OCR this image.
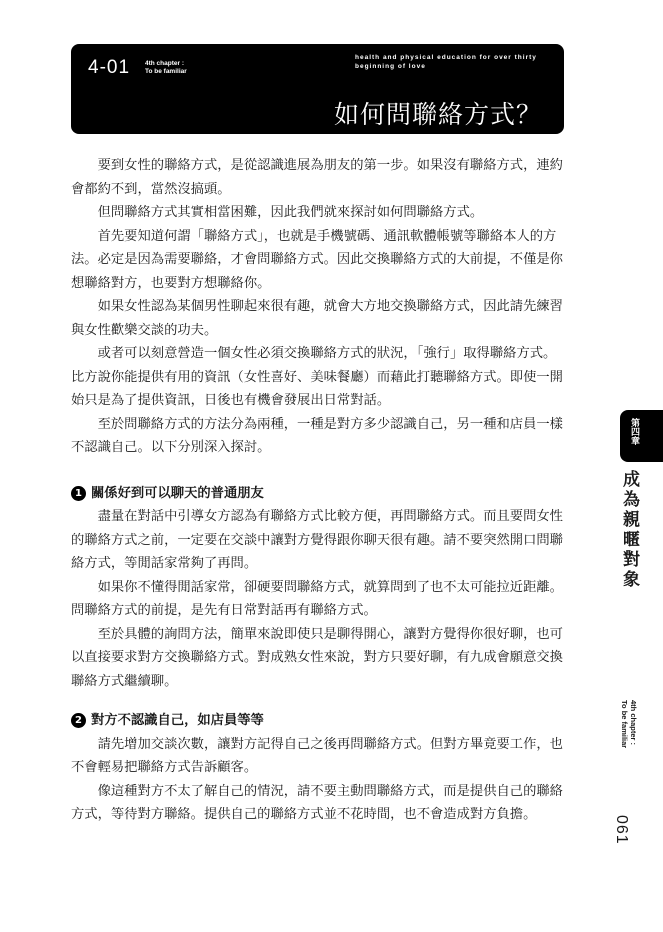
4-01 4th chapter :
To be familiar
health and physical education for over thirty
beginning of love
如何問聯絡方式？

要到女性的聯絡方式，是從認識進展為朋友的第一步。如果沒有聯絡方式，連約會都約不到，當然沒搞頭。

但問聯絡方式其實相當困難，因此我們就來探討如何問聯絡方式。

首先要知道何謂「聯絡方式」，也就是手機號碼、通訊軟體帳號等聯絡本人的方法。必定是因為需要聯絡，才會問聯絡方式。因此交換聯絡方式的大前提，不僅是你想聯絡對方，也要對方想聯絡你。

如果女性認為某個男性聊起來很有趣，就會大方地交換聯絡方式，因此請先練習與女性歡樂交談的功夫。

或者可以刻意營造一個女性必須交換聯絡方式的狀況，「強行」取得聯絡方式。比方說你能提供有用的資訊（女性喜好、美味餐廳）而藉此打聽聯絡方式。即使一開始只是為了提供資訊，日後也有機會發展出日常對話。

至於問聯絡方式的方法分為兩種，一種是對方多少認識自己，另一種和店員一樣不認識自己。以下分別深入探討。

1 關係好到可以聊天的普通朋友

盡量在對話中引導女方認為有聯絡方式比較方便，再問聯絡方式。而且要問女性的聯絡方式之前，一定要在交談中讓對方覺得跟你聊天很有趣。請不要突然開口問聯絡方式，等閒話家常夠了再問。

如果你不懂得閒話家常，卻硬要問聯絡方式，就算問到了也不太可能拉近距離。問聯絡方式的前提，是先有日常對話再有聯絡方式。

至於具體的詢問方法，簡單來說即使只是聊得開心，讓對方覺得你很好聊，也可以直接要求對方交換聯絡方式。對成熟女性來說，對方只要好聊，有九成會願意交換聯絡方式繼續聊。

2 對方不認識自己，如店員等等

請先增加交談次數，讓對方記得自己之後再問聯絡方式。但對方畢竟要工作，也不會輕易把聯絡方式告訴顧客。

像這種對方不太了解自己的情況，請不要主動問聯絡方式，而是提供自己的聯絡方式，等待對方聯絡。提供自己的聯絡方式並不花時間，也不會造成對方負擔。

第四章
成為親暱對象
4th chapter :
To be familiar
061
